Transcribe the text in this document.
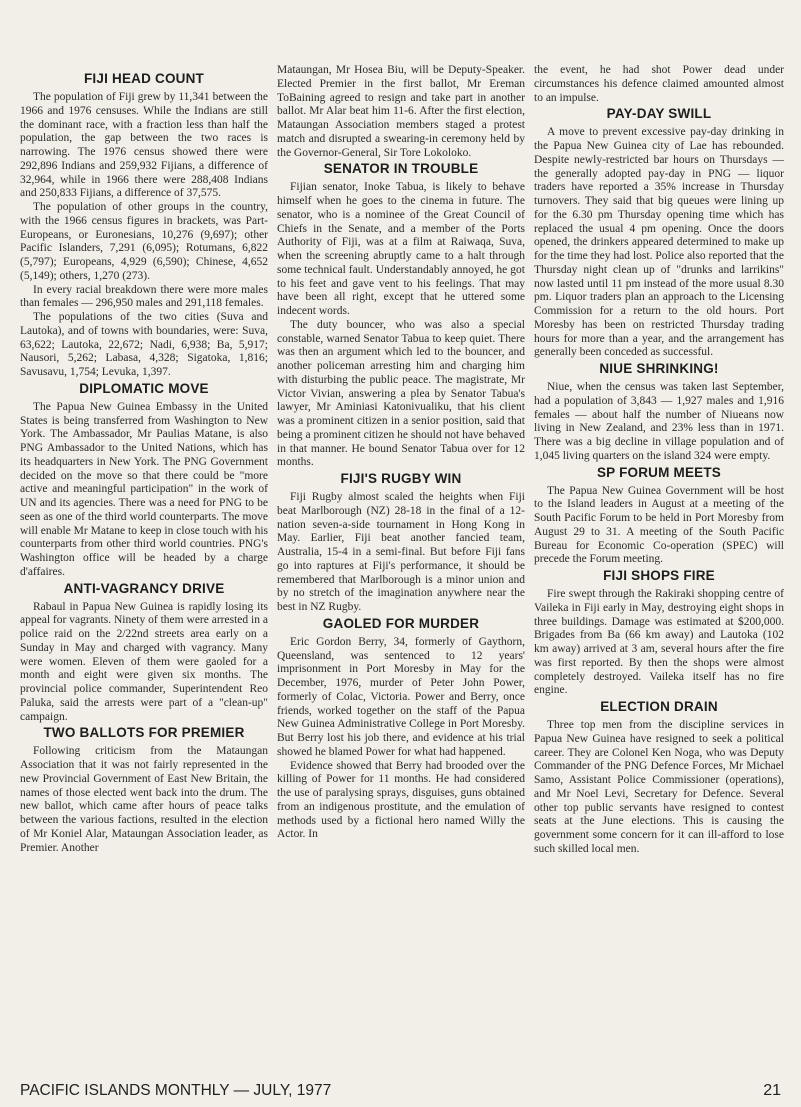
FIJI HEAD COUNT

The population of Fiji grew by 11,341 between the 1966 and 1976 censuses. While the Indians are still the dominant race, with a fraction less than half the population, the gap between the two races is narrowing. The 1976 census showed there were 292,896 Indians and 259,932 Fijians, a difference of 32,964, while in 1966 there were 288,408 Indians and 250,833 Fijians, a difference of 37,575.

The population of other groups in the country, with the 1966 census figures in brackets, was Part-Europeans, or Euronesians, 10,276 (9,697); other Pacific Islanders, 7,291 (6,095); Rotumans, 6,822 (5,797); Europeans, 4,929 (6,590); Chinese, 4,652 (5,149); others, 1,270 (273).

In every racial breakdown there were more males than females — 296,950 males and 291,118 females.

The populations of the two cities (Suva and Lautoka), and of towns with boundaries, were: Suva, 63,622; Lautoka, 22,672; Nadi, 6,938; Ba, 5,917; Nausori, 5,262; Labasa, 4,328; Sigatoka, 1,816; Savusavu, 1,754; Levuka, 1,397.

DIPLOMATIC MOVE

The Papua New Guinea Embassy in the United States is being transferred from Washington to New York. The Ambassador, Mr Paulias Matane, is also PNG Ambassador to the United Nations, which has its headquarters in New York. The PNG Government decided on the move so that there could be "more active and meaningful participation" in the work of UN and its agencies. There was a need for PNG to be seen as one of the third world counterparts. The move will enable Mr Matane to keep in close touch with his counterparts from other third world countries. PNG's Washington office will be headed by a charge d'affaires.

ANTI-VAGRANCY DRIVE

Rabaul in Papua New Guinea is rapidly losing its appeal for vagrants. Ninety of them were arrested in a police raid on the 2/22nd streets area early on a Sunday in May and charged with vagrancy. Many were women. Eleven of them were gaoled for a month and eight were given six months. The provincial police commander, Superintendent Reo Paluka, said the arrests were part of a "clean-up" campaign.

TWO BALLOTS FOR PREMIER

Following criticism from the Mataungan Association that it was not fairly represented in the new Provincial Government of East New Britain, the names of those elected went back into the drum. The new ballot, which came after hours of peace talks between the various factions, resulted in the election of Mr Koniel Alar, Mataungan Association leader, as Premier. Another

Mataungan, Mr Hosea Biu, will be Deputy-Speaker. Elected Premier in the first ballot, Mr Ereman ToBaining agreed to resign and take part in another ballot. Mr Alar beat him 11-6. After the first election, Mataungan Association members staged a protest match and disrupted a swearing-in ceremony held by the Governor-General, Sir Tore Lokoloko.

SENATOR IN TROUBLE

Fijian senator, Inoke Tabua, is likely to behave himself when he goes to the cinema in future. The senator, who is a nominee of the Great Council of Chiefs in the Senate, and a member of the Ports Authority of Fiji, was at a film at Raiwaqa, Suva, when the screening abruptly came to a halt through some technical fault. Understandably annoyed, he got to his feet and gave vent to his feelings. That may have been all right, except that he uttered some indecent words.

The duty bouncer, who was also a special constable, warned Senator Tabua to keep quiet. There was then an argument which led to the bouncer, and another policeman arresting him and charging him with disturbing the public peace. The magistrate, Mr Victor Vivian, answering a plea by Senator Tabua's lawyer, Mr Aminiasi Katonivualiku, that his client was a prominent citizen in a senior position, said that being a prominent citizen he should not have behaved in that manner. He bound Senator Tabua over for 12 months.

FIJI'S RUGBY WIN

Fiji Rugby almost scaled the heights when Fiji beat Marlborough (NZ) 28-18 in the final of a 12-nation seven-a-side tournament in Hong Kong in May. Earlier, Fiji beat another fancied team, Australia, 15-4 in a semi-final. But before Fiji fans go into raptures at Fiji's performance, it should be remembered that Marlborough is a minor union and by no stretch of the imagination anywhere near the best in NZ Rugby.

GAOLED FOR MURDER

Eric Gordon Berry, 34, formerly of Gaythorn, Queensland, was sentenced to 12 years' imprisonment in Port Moresby in May for the December, 1976, murder of Peter John Power, formerly of Colac, Victoria. Power and Berry, once friends, worked together on the staff of the Papua New Guinea Administrative College in Port Moresby. But Berry lost his job there, and evidence at his trial showed he blamed Power for what had happened.

Evidence showed that Berry had brooded over the killing of Power for 11 months. He had considered the use of paralysing sprays, disguises, guns obtained from an indigenous prostitute, and the emulation of methods used by a fictional hero named Willy the Actor. In

the event, he had shot Power dead under circumstances his defence claimed amounted almost to an impulse.

PAY-DAY SWILL

A move to prevent excessive pay-day drinking in the Papua New Guinea city of Lae has rebounded. Despite newly-restricted bar hours on Thursdays — the generally adopted pay-day in PNG — liquor traders have reported a 35% increase in Thursday turnovers. They said that big queues were lining up for the 6.30 pm Thursday opening time which has replaced the usual 4 pm opening. Once the doors opened, the drinkers appeared determined to make up for the time they had lost. Police also reported that the Thursday night clean up of "drunks and larrikins" now lasted until 11 pm instead of the more usual 8.30 pm. Liquor traders plan an approach to the Licensing Commission for a return to the old hours. Port Moresby has been on restricted Thursday trading hours for more than a year, and the arrangement has generally been conceded as successful.

NIUE SHRINKING!

Niue, when the census was taken last September, had a population of 3,843 — 1,927 males and 1,916 females — about half the number of Niueans now living in New Zealand, and 23% less than in 1971. There was a big decline in village population and of 1,045 living quarters on the island 324 were empty.

SP FORUM MEETS

The Papua New Guinea Government will be host to the Island leaders in August at a meeting of the South Pacific Forum to be held in Port Moresby from August 29 to 31. A meeting of the South Pacific Bureau for Economic Co-operation (SPEC) will precede the Forum meeting.

FIJI SHOPS FIRE

Fire swept through the Rakiraki shopping centre of Vaileka in Fiji early in May, destroying eight shops in three buildings. Damage was estimated at $200,000. Brigades from Ba (66 km away) and Lautoka (102 km away) arrived at 3 am, several hours after the fire was first reported. By then the shops were almost completely destroyed. Vaileka itself has no fire engine.

ELECTION DRAIN

Three top men from the discipline services in Papua New Guinea have resigned to seek a political career. They are Colonel Ken Noga, who was Deputy Commander of the PNG Defence Forces, Mr Michael Samo, Assistant Police Commissioner (operations), and Mr Noel Levi, Secretary for Defence. Several other top public servants have resigned to contest seats at the June elections. This is causing the government some concern for it can ill-afford to lose such skilled local men.

PACIFIC ISLANDS MONTHLY — JULY, 1977	21
